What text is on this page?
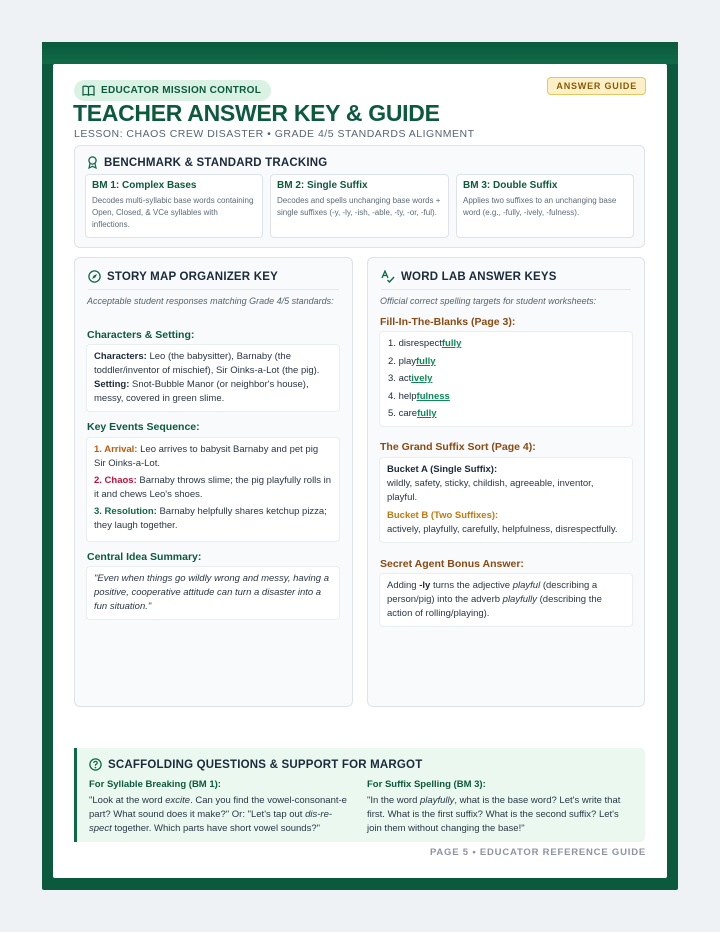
EDUCATOR MISSION CONTROL	ANSWER GUIDE
TEACHER ANSWER KEY & GUIDE
LESSON: CHAOS CREW DISASTER • GRADE 4/5 STANDARDS ALIGNMENT
BENCHMARK & STANDARD TRACKING
BM 1: Complex Bases
Decodes multi-syllabic base words containing Open, Closed, & VCe syllables with inflections.
BM 2: Single Suffix
Decodes and spells unchanging base words + single suffixes (-y, -ly, -ish, -able, -ty, -or, -ful).
BM 3: Double Suffix
Applies two suffixes to an unchanging base word (e.g., -fully, -ively, -fulness).
STORY MAP ORGANIZER KEY
Acceptable student responses matching Grade 4/5 standards:
Characters & Setting:
Characters: Leo (the babysitter), Barnaby (the toddler/inventor of mischief), Sir Oinks-a-Lot (the pig).
Setting: Snot-Bubble Manor (or neighbor's house), messy, covered in green slime.
Key Events Sequence:
1. Arrival: Leo arrives to babysit Barnaby and pet pig Sir Oinks-a-Lot.
2. Chaos: Barnaby throws slime; the pig playfully rolls in it and chews Leo's shoes.
3. Resolution: Barnaby helpfully shares ketchup pizza; they laugh together.
Central Idea Summary:
"Even when things go wildly wrong and messy, having a positive, cooperative attitude can turn a disaster into a fun situation."
WORD LAB ANSWER KEYS
Official correct spelling targets for student worksheets:
Fill-In-The-Blanks (Page 3):
1. disrespectfully
2. playfully
3. actively
4. helpfulness
5. carefully
The Grand Suffix Sort (Page 4):
Bucket A (Single Suffix):
wildly, safety, sticky, childish, agreeable, inventor, playful.
Bucket B (Two Suffixes):
actively, playfully, carefully, helpfulness, disrespectfully.
Secret Agent Bonus Answer:
Adding -ly turns the adjective playful (describing a person/pig) into the adverb playfully (describing the action of rolling/playing).
SCAFFOLDING QUESTIONS & SUPPORT FOR MARGOT
For Syllable Breaking (BM 1):
"Look at the word excite. Can you find the vowel-consonant-e part? What sound does it make?" Or: "Let's tap out dis-re-spect together. Which parts have short vowel sounds?"
For Suffix Spelling (BM 3):
"In the word playfully, what is the base word? Let's write that first. What is the first suffix? What is the second suffix? Let's join them without changing the base!"
PAGE 5 • EDUCATOR REFERENCE GUIDE
